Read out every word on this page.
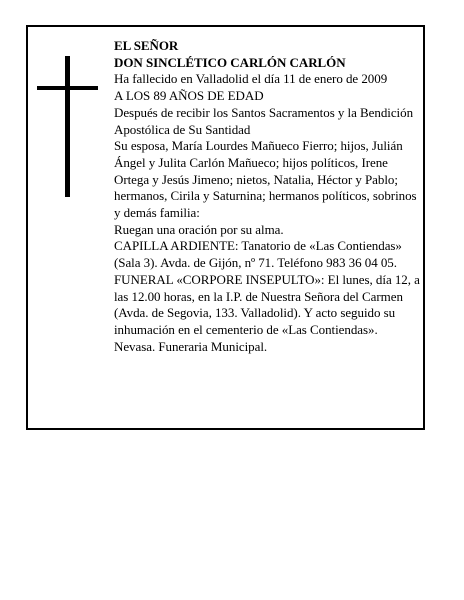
EL SEÑOR

DON SINCLÉTICO CARLÓN CARLÓN

Ha fallecido en Valladolid el día 11 de enero de 2009

A LOS 89 AÑOS DE EDAD

Después de recibir los Santos Sacramentos y la Bendición Apostólica de Su Santidad

Su esposa, María Lourdes Mañueco Fierro; hijos, Julián Ángel y Julita Carlón Mañueco; hijos políticos, Irene Ortega y Jesús Jimeno; nietos, Natalia, Héctor y Pablo; hermanos, Cirila y Saturnina; hermanos políticos, sobrinos y demás familia:

Ruegan una oración por su alma.

CAPILLA ARDIENTE: Tanatorio de «Las Contiendas» (Sala 3). Avda. de Gijón, nº 71. Teléfono 983 36 04 05.

FUNERAL «CORPORE INSEPULTO»: El lunes, día 12, a las 12.00 horas, en la I.P. de Nuestra Señora del Carmen (Avda. de Segovia, 133. Valladolid). Y acto seguido su inhumación en el cementerio de «Las Contiendas».

Nevasa. Funeraria Municipal.
